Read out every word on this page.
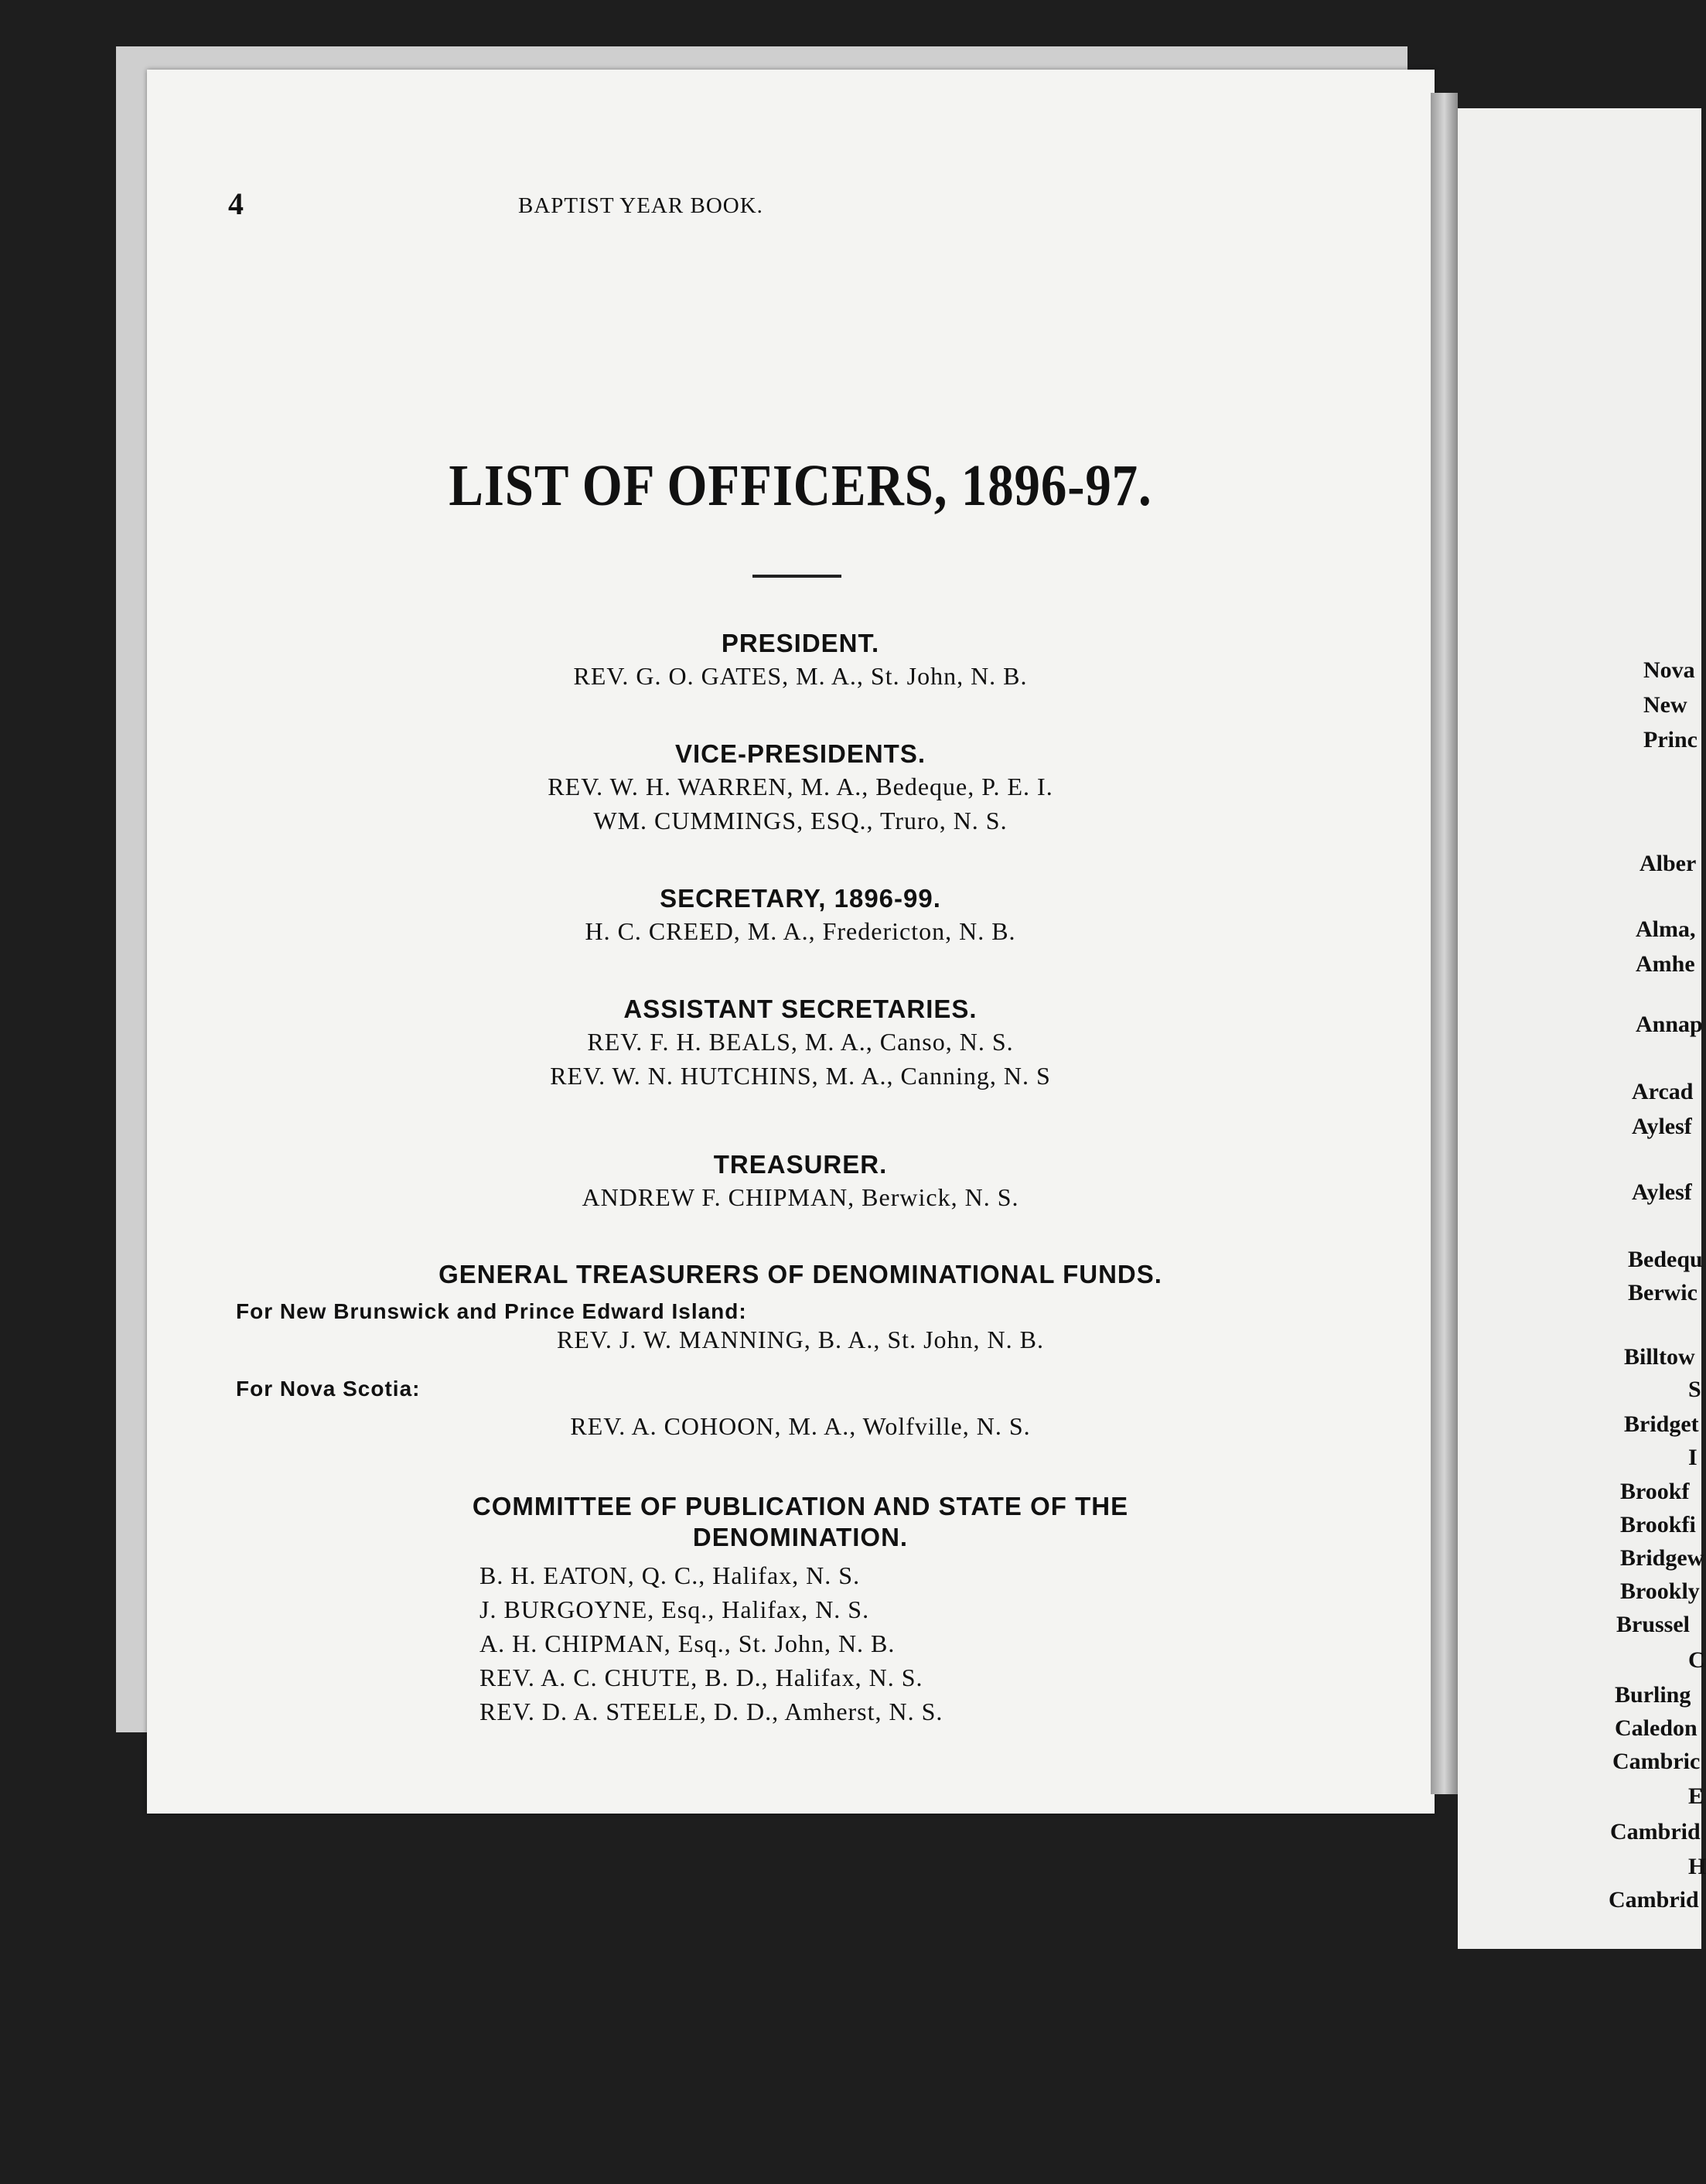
4	BAPTIST YEAR BOOK.
LIST OF OFFICERS, 1896-97.
PRESIDENT.
REV. G. O. GATES, M. A., St. John, N. B.
VICE-PRESIDENTS.
REV. W. H. WARREN, M. A., Bedeque, P. E. I.
WM. CUMMINGS, ESQ., Truro, N. S.
SECRETARY, 1896-99.
H. C. CREED, M. A., Fredericton, N. B.
ASSISTANT SECRETARIES.
REV. F. H. BEALS, M. A., Canso, N. S.
REV. W. N. HUTCHINS, M. A., Canning, N. S
TREASURER.
ANDREW F. CHIPMAN, Berwick, N. S.
GENERAL TREASURERS OF DENOMINATIONAL FUNDS.
For New Brunswick and Prince Edward Island:
REV. J. W. MANNING, B. A., St. John, N. B.
For Nova Scotia:
REV. A. COHOON, M. A., Wolfville, N. S.
COMMITTEE OF PUBLICATION AND STATE OF THE
DENOMINATION.
B. H. EATON, Q. C., Halifax, N. S.
J. BURGOYNE, Esq., Halifax, N. S.
A. H. CHIPMAN, Esq., St. John, N. B.
REV. A. C. CHUTE, B. D., Halifax, N. S.
REV. D. A. STEELE, D. D., Amherst, N. S.
Nova
New
Princ
Alber
Alma,
Amhe
Annap
Arcad
Aylesf
Aylesf
Bedequ
Berwic
Billtow
S
Bridget
I
Brookf
Brookfi
Bridgew
Brookly
Brussel
C
Burling
Caledon
Cambric
E
Cambrid
H
Cambrid
